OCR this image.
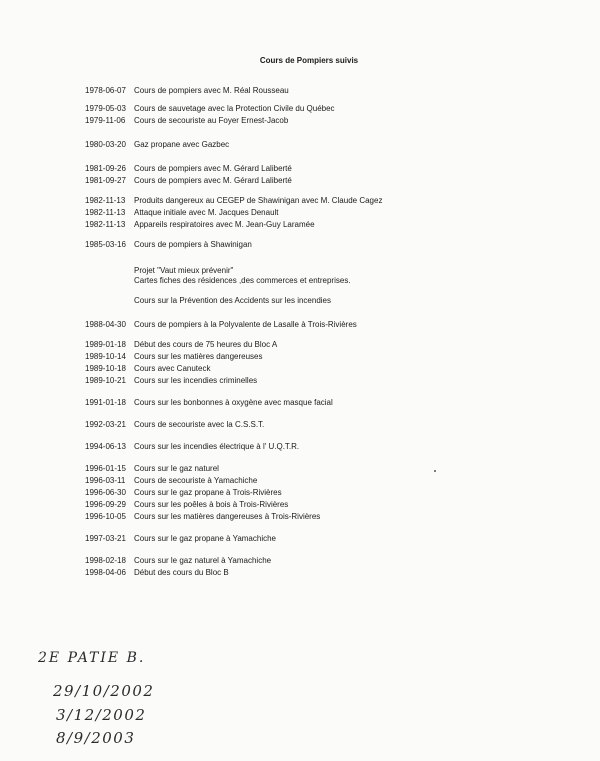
Cours de Pompiers suivis
1978-06-07 Cours de pompiers avec M. Réal Rousseau
1979-05-03 Cours de sauvetage avec la Protection Civile du Québec
1979-11-06 Cours de secouriste au Foyer Ernest-Jacob
1980-03-20 Gaz propane avec Gazbec
1981-09-26 Cours de pompiers avec M. Gérard Laliberté
1981-09-27 Cours de pompiers avec M. Gérard Laliberté
1982-11-13 Produits dangereux au CEGEP de Shawinigan avec M. Claude Cagez
1982-11-13 Attaque initiale avec M. Jacques Denault
1982-11-13 Appareils respiratoires avec M. Jean-Guy Laramée
1985-03-16 Cours de pompiers à Shawinigan
1988-04-30 Cours de pompiers à la Polyvalente de Lasalle à Trois-Rivières
1989-01-18 Début des cours de 75 heures du Bloc A
1989-10-14 Cours sur les matières dangereuses
1989-10-18 Cours avec Canuteck
1989-10-21 Cours sur les incendies criminelles
1991-01-18 Cours sur les bonbonnes à oxygène avec masque facial
1992-03-21 Cours de secouriste avec la C.S.S.T.
1994-06-13 Cours sur les incendies électrique à l' U.Q.T.R.
1996-01-15 Cours sur le gaz naturel
1996-03-11 Cours de secouriste à Yamachiche
1996-06-30 Cours sur le gaz propane à Trois-Rivières
1996-09-29 Cours sur les poêles à bois à Trois-Rivières
1996-10-05 Cours sur les matières dangereuses à Trois-Rivières
1997-03-21 Cours sur le gaz propane à Yamachiche
1998-02-18 Cours sur le gaz naturel à Yamachiche
1998-04-06 Début des cours du Bloc B
Projet "Vaut mieux prévenir"
Cartes fiches des résidences ,des commerces et entreprises.
Cours sur la Prévention des Accidents sur les incendies
2E PATIE B.
29/10/2002
3/12/2002
8/9/2003
